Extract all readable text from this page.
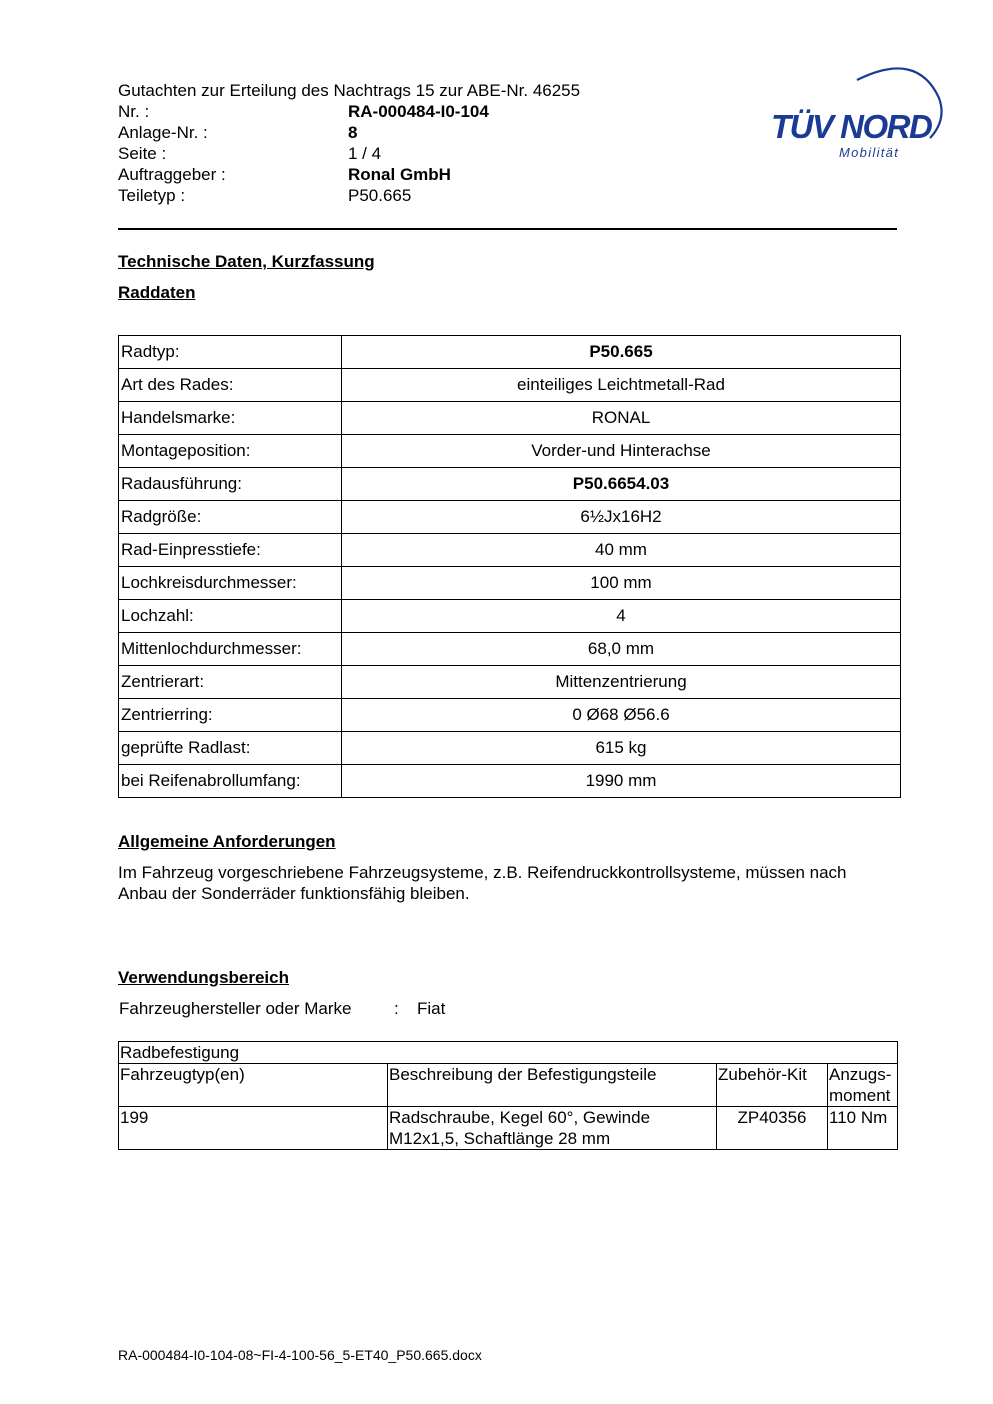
Gutachten zur Erteilung des Nachtrags 15 zur ABE-Nr. 46255
Nr. :	RA-000484-I0-104
Anlage-Nr. :	8
Seite :	1 / 4
Auftraggeber :	Ronal GmbH
Teiletyp :	P50.665
TÜV NORD
Mobilität
Technische Daten, Kurzfassung
Raddaten
Radtyp:	P50.665
Art des Rades:	einteiliges Leichtmetall-Rad
Handelsmarke:	RONAL
Montageposition:	Vorder-und Hinterachse
Radausführung:	P50.6654.03
Radgröße:	6½Jx16H2
Rad-Einpresstiefe:	40 mm
Lochkreisdurchmesser:	100 mm
Lochzahl:	4
Mittenlochdurchmesser:	68,0 mm
Zentrierart:	Mittenzentrierung
Zentrierring:	0 Ø68 Ø56.6
geprüfte Radlast:	615 kg
bei Reifenabrollumfang:	1990 mm
Allgemeine Anforderungen
Im Fahrzeug vorgeschriebene Fahrzeugsysteme, z.B. Reifendruckkontrollsysteme, müssen nach Anbau der Sonderräder funktionsfähig bleiben.
Verwendungsbereich
Fahrzeughersteller oder Marke	:	Fiat
Radbefestigung			
Fahrzeugtyp(en)	Beschreibung der Befestigungsteile	Zubehör-Kit	Anzugs-moment
199	Radschraube, Kegel 60°, Gewinde M12x1,5, Schaftlänge 28 mm	ZP40356	110 Nm
RA-000484-I0-104-08~FI-4-100-56_5-ET40_P50.665.docx
